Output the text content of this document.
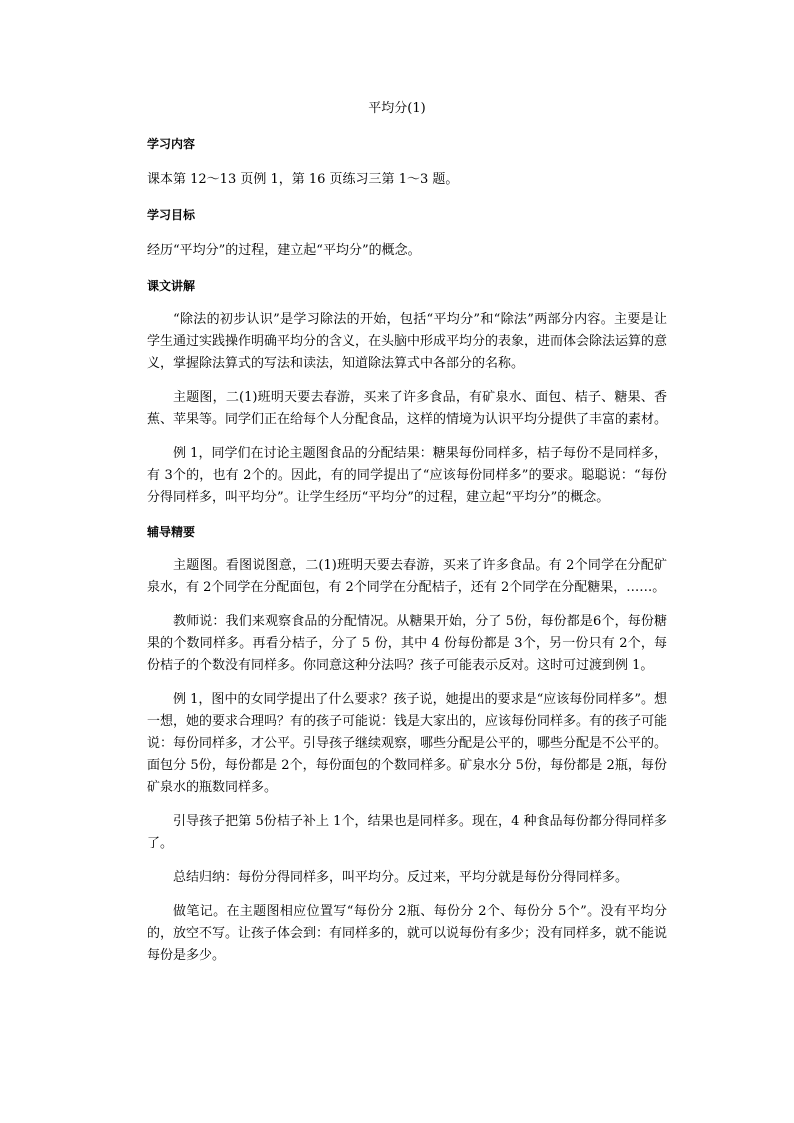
平均分(1)
学习内容

课本第 12～13 页例 1，第 16 页练习三第 1～3 题。

学习目标

经历“平均分”的过程，建立起“平均分”的概念。

课文讲解

“除法的初步认识”是学习除法的开始，包括“平均分”和“除法”两部分内容。主要是让学生通过实践操作明确平均分的含义，在头脑中形成平均分的表象，进而体会除法运算的意义，掌握除法算式的写法和读法，知道除法算式中各部分的名称。

主题图，二(1)班明天要去春游，买来了许多食品，有矿泉水、面包、桔子、糖果、香蕉、苹果等。同学们正在给每个人分配食品，这样的情境为认识平均分提供了丰富的素材。

例 1，同学们在讨论主题图食品的分配结果：糖果每份同样多，桔子每份不是同样多，有 3个的，也有 2个的。因此，有的同学提出了“应该每份同样多”的要求。聪聪说：“每份分得同样多，叫平均分”。让学生经历“平均分”的过程，建立起“平均分”的概念。

辅导精要

主题图。看图说图意，二(1)班明天要去春游，买来了许多食品。有 2个同学在分配矿泉水，有 2个同学在分配面包，有 2个同学在分配桔子，还有 2个同学在分配糖果，……。

教师说：我们来观察食品的分配情况。从糖果开始，分了 5份，每份都是6个，每份糖果的个数同样多。再看分桔子，分了 5 份，其中 4 份每份都是 3个，另一份只有 2个，每份桔子的个数没有同样多。你同意这种分法吗？孩子可能表示反对。这时可过渡到例 1。

例 1，图中的女同学提出了什么要求？孩子说，她提出的要求是“应该每份同样多”。想一想，她的要求合理吗？有的孩子可能说：钱是大家出的，应该每份同样多。有的孩子可能说：每份同样多，才公平。引导孩子继续观察，哪些分配是公平的，哪些分配是不公平的。面包分 5份，每份都是 2个，每份面包的个数同样多。矿泉水分 5份，每份都是 2瓶，每份矿泉水的瓶数同样多。

引导孩子把第 5份桔子补上 1个，结果也是同样多。现在，4 种食品每份都分得同样多了。

总结归纳：每份分得同样多，叫平均分。反过来，平均分就是每份分得同样多。

做笔记。在主题图相应位置写“每份分 2瓶、每份分 2个、每份分 5个”。没有平均分的，放空不写。让孩子体会到：有同样多的，就可以说每份有多少；没有同样多，就不能说每份是多少。
